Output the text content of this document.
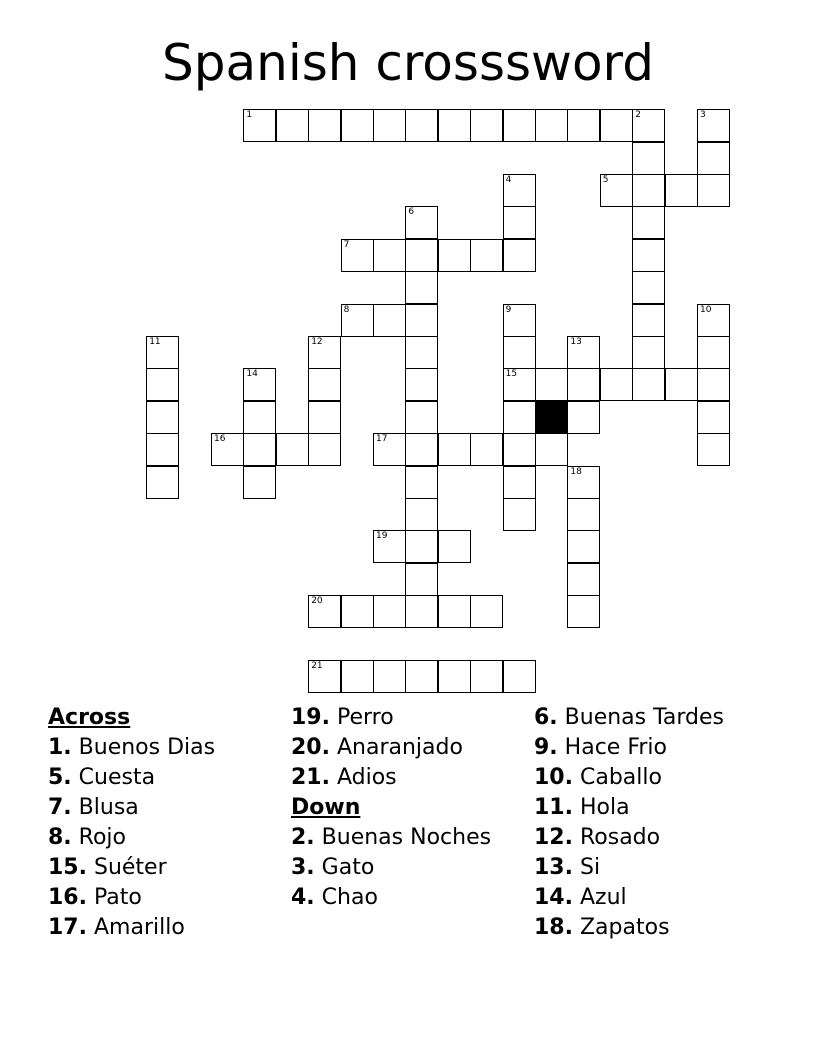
Spanish crosssword
1	2	3
4	5
6
7
8	9
15
10
11	12	13
14
16	17
18
19
20
21
Across
1. Buenos Dias
5. Cuesta
7. Blusa
8. Rojo
15. Suéter
16. Pato
17. Amarillo
19. Perro
20. Anaranjado
21. Adios
Down
2. Buenas Noches
3. Gato
4. Chao
6. Buenas Tardes
9. Hace Frio
10. Caballo
11. Hola
12. Rosado
13. Si
14. Azul
18. Zapatos
